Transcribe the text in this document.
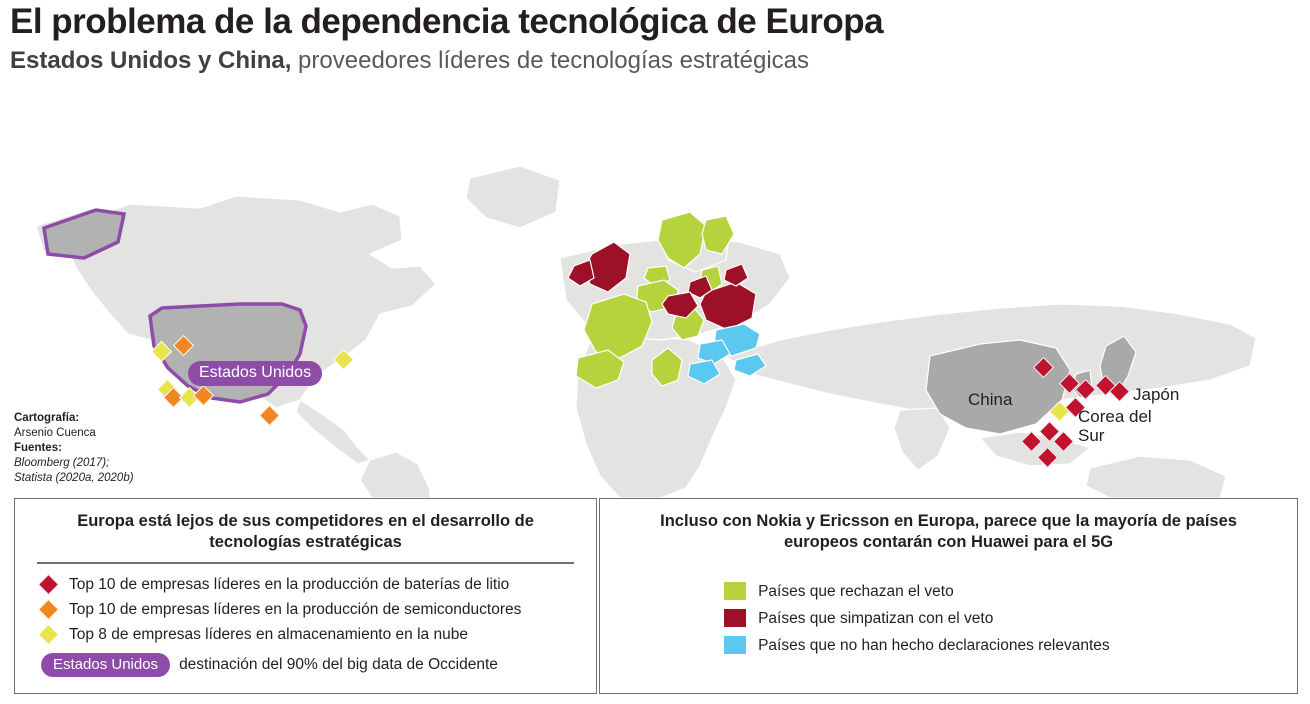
El problema de la dependencia tecnológica de Europa
Estados Unidos y China, proveedores líderes de tecnologías estratégicas
China	Japón
Corea del
Sur
Estados Unidos
Cartografía:
Arsenio Cuenca
Fuentes:
Bloomberg (2017);
Statista (2020a, 2020b)
Europa está lejos de sus competidores en el desarrollo de tecnologías estratégicas
Top 10 de empresas líderes en la producción de baterías de litio
Top 10 de empresas líderes en la producción de semiconductores
Top 8 de empresas líderes en almacenamiento en la nube
Estados Unidos	destinación del 90% del big data de Occidente
Incluso con Nokia y Ericsson en Europa, parece que la mayoría de países europeos contarán con Huawei para el 5G
Países que rechazan el veto
Países que simpatizan con el veto
Países que no han hecho declaraciones relevantes
